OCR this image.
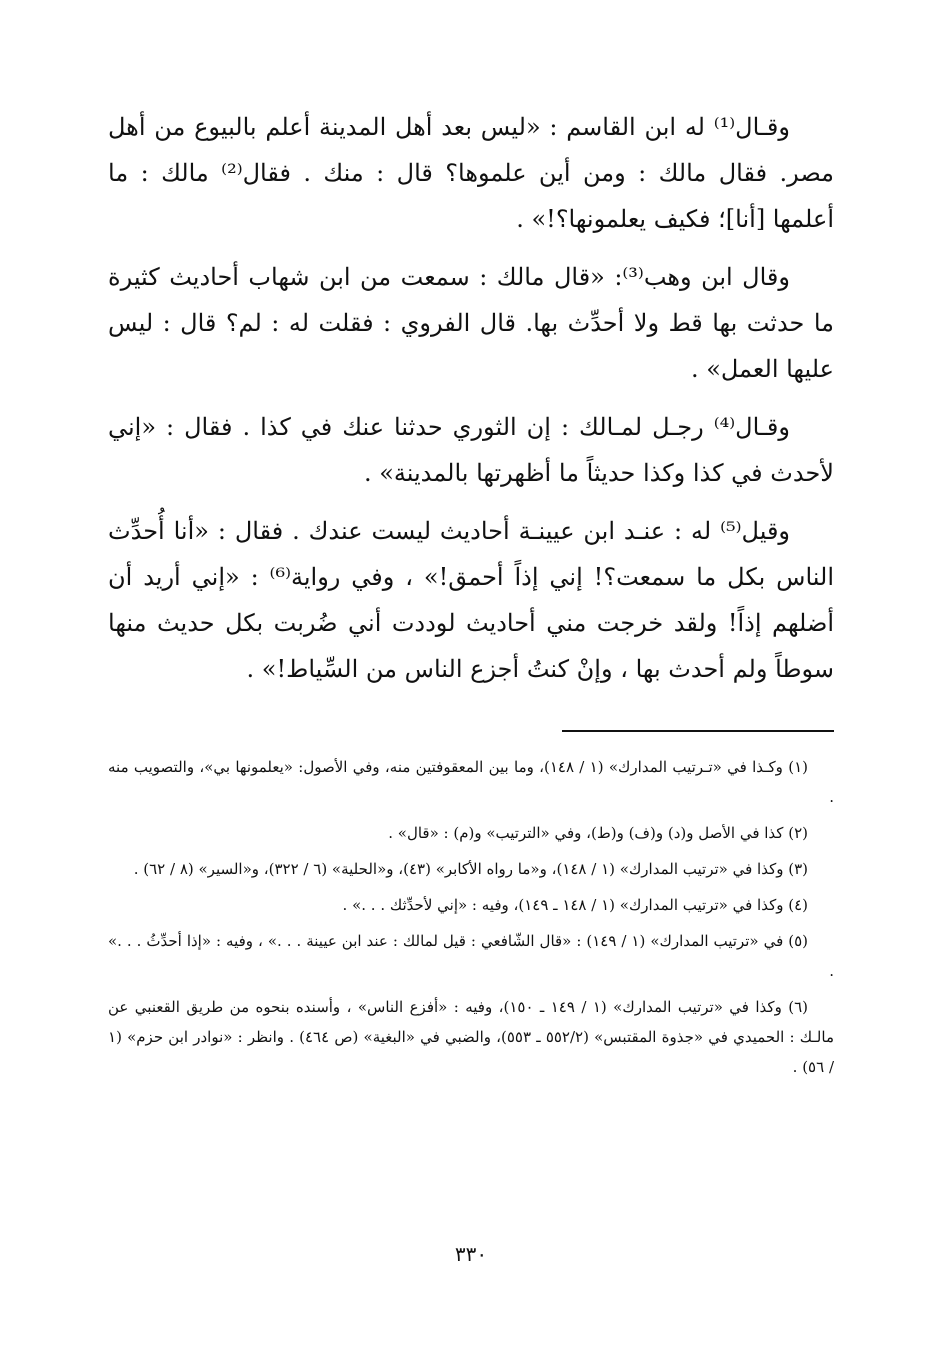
وقـال⁽¹⁾ له ابن القاسم : «ليس بعد أهل المدينة أعلم بالبيوع من أهل مصر. فقال مالك : ومن أين علموها؟ قال : منك . فقال⁽²⁾ مالك : ما أعلمها [أنا]؛ فكيف يعلمونها؟!» .

وقال ابن وهب⁽³⁾: «قال مالك : سمعت من ابن شهاب أحاديث كثيرة ما حدثت بها قط ولا أحدِّث بها. قال الفروي : فقلت له : لم؟ قال : ليس عليها العمل» .

وقـال⁽⁴⁾ رجـل لمـالك : إن الثوري حدثنا عنك في كذا . فقال : «إني لأحدث في كذا وكذا حديثاً ما أظهرتها بالمدينة» .

وقيل⁽⁵⁾ له : عنـد ابن عيينـة أحاديث ليست عندك . فقال : «أنا أُحدِّث الناس بكل ما سمعت؟! إني إذاً أحمق!» ، وفي رواية⁽⁶⁾ : «إني أريد أن أضلهم إذاً! ولقد خرجت مني أحاديث لوددت أني ضُربت بكل حديث منها سوطاً ولم أحدث بها ، وإنْ كنتُ أجزع الناس من السِّياط!» .

(١) وكـذا في «تـرتيب المدارك» (١ / ١٤٨)، وما بين المعقوفتين منه، وفي الأصول: «يعلمونها بي»، والتصويب منه .

(٢) كذا في الأصل و(د) و(ف) و(ط)، وفي «الترتيب» و(م) : «قال» .

(٣) وكذا في «ترتيب المدارك» (١ / ١٤٨)، و«ما رواه الأكابر» (٤٣)، و«الحلية» (٦ / ٣٢٢)، و«السير» (٨ / ٦٢) .

(٤) وكذا في «ترتيب المدارك» (١ / ١٤٨ ـ ١٤٩)، وفيه : «إني لأحدِّثك . . .» .

(٥) في «ترتيب المدارك» (١ / ١٤٩) : «قال الشّافعي : قيل لمالك : عند ابن عيينة . . .» ، وفيه : «إذا أحدِّثُ . . .» .

(٦) وكذا في «ترتيب المدارك» (١ / ١٤٩ ـ ١٥٠)، وفيه : «أفزع الناس» ، وأسنده بنحوه من طريق القعنبي عن مالـك : الحميدي في «جذوة المقتبس» (٥٥٢/٢ ـ ٥٥٣)، والضبي في «البغية» (ص ٤٦٤) . وانظر : «نوادر ابن حزم» (١ / ٥٦) .

٣٣٠
